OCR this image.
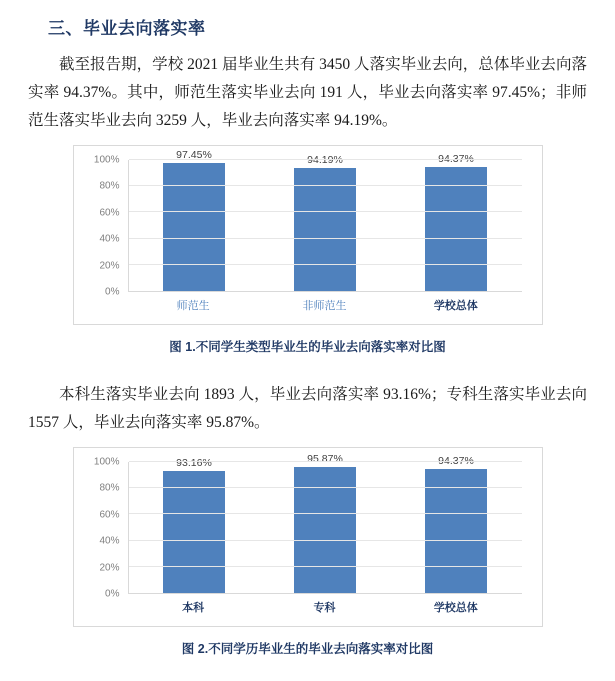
三、毕业去向落实率

截至报告期，学校 2021 届毕业生共有 3450 人落实毕业去向，总体毕业去向落实率 94.37%。其中，师范生落实毕业去向 191 人，毕业去向落实率 97.45%；非师范生落实毕业去向 3259 人，毕业去向落实率 94.19%。

0%
20%
40%
60%
80%
100%	97.45%	94.19%	94.37%
师范生	非师范生	学校总体
图 1.不同学生类型毕业生的毕业去向落实率对比图

本科生落实毕业去向 1893 人，毕业去向落实率 93.16%；专科生落实毕业去向 1557 人，毕业去向落实率 95.87%。

0%
20%
40%
60%
80%
100%	93.16%	95.87%	94.37%
本科	专科	学校总体
图 2.不同学历毕业生的毕业去向落实率对比图
